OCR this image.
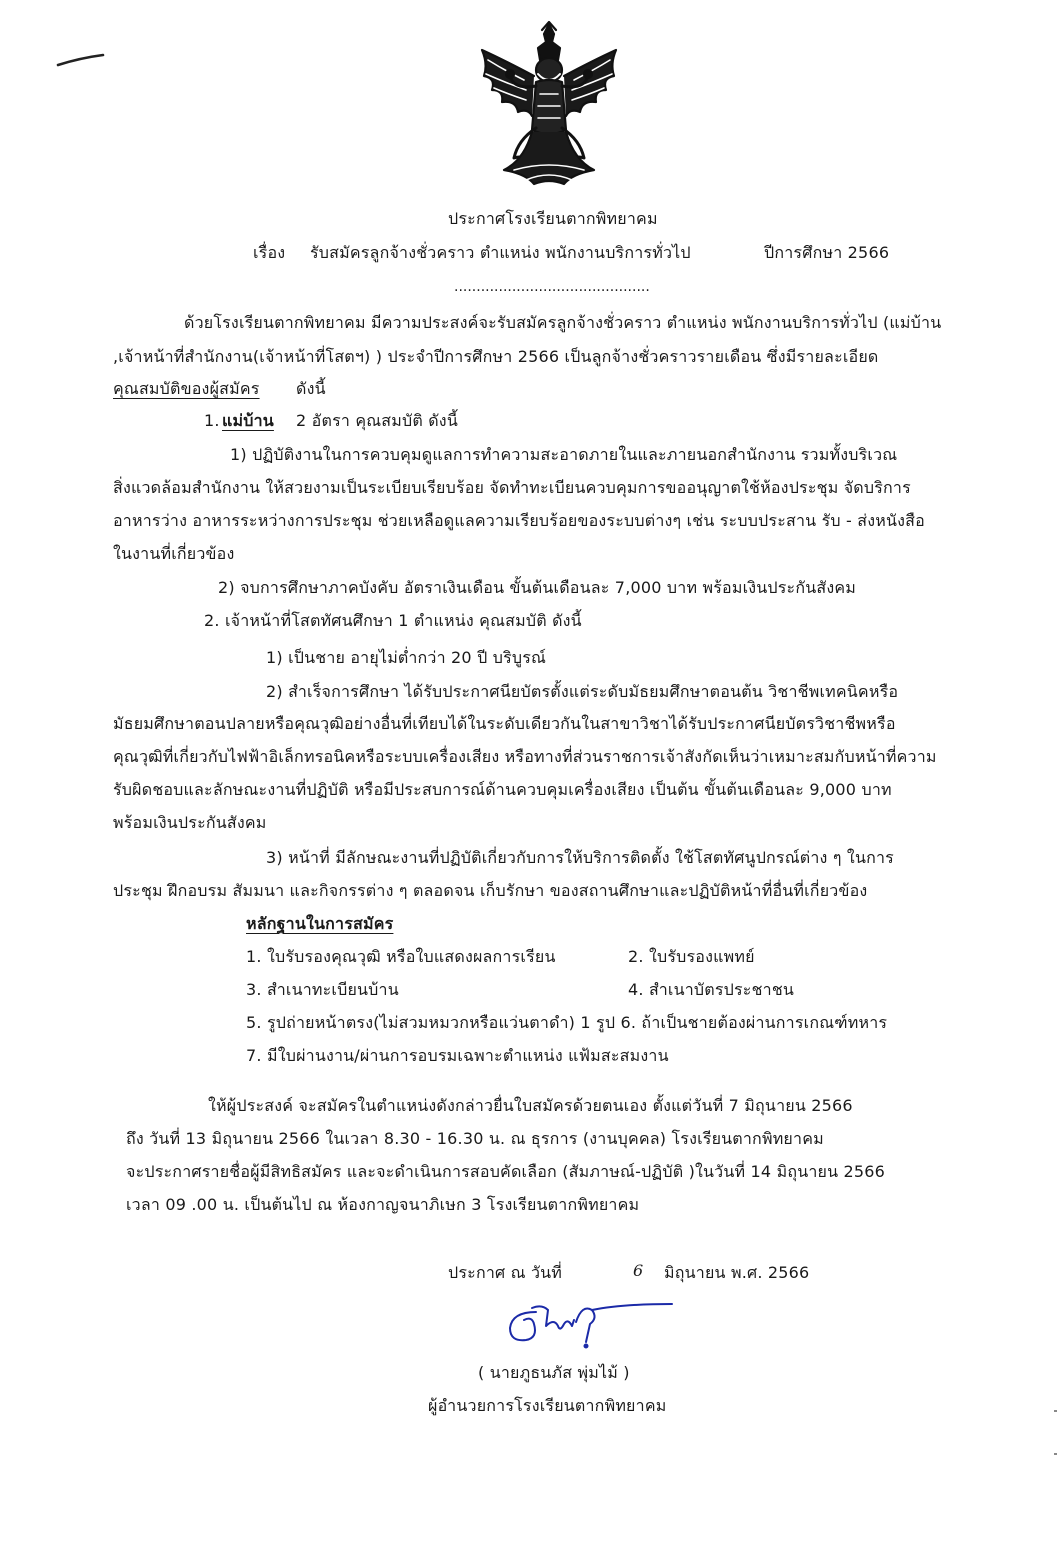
ประกาศโรงเรียนตากพิทยาคม
เรื่อง รับสมัครลูกจ้างชั่วคราว ตำแหน่ง พนักงานบริการทั่วไป	ปีการศึกษา 2566
............................................
ด้วยโรงเรียนตากพิทยาคม มีความประสงค์จะรับสมัครลูกจ้างชั่วคราว ตำแหน่ง พนักงานบริการทั่วไป (แม่บ้าน
,เจ้าหน้าที่สำนักงาน(เจ้าหน้าที่โสตฯ) ) ประจำปีการศึกษา 2566 เป็นลูกจ้างชั่วคราวรายเดือน ซึ่งมีรายละเอียด
คุณสมบัติของผู้สมัคร ดังนี้
1. แม่บ้าน 2 อัตรา คุณสมบัติ ดังนี้
1) ปฏิบัติงานในการควบคุมดูแลการทำความสะอาดภายในและภายนอกสำนักงาน รวมทั้งบริเวณ
สิ่งแวดล้อมสำนักงาน ให้สวยงามเป็นระเบียบเรียบร้อย จัดทำทะเบียนควบคุมการขออนุญาตใช้ห้องประชุม จัดบริการ
อาหารว่าง อาหารระหว่างการประชุม ช่วยเหลือดูแลความเรียบร้อยของระบบต่างๆ เช่น ระบบประสาน รับ - ส่งหนังสือ
ในงานที่เกี่ยวข้อง
2) จบการศึกษาภาคบังคับ อัตราเงินเดือน ขั้นต้นเดือนละ 7,000 บาท พร้อมเงินประกันสังคม
2. เจ้าหน้าที่โสตทัศนศึกษา 1 ตำแหน่ง คุณสมบัติ ดังนี้
1) เป็นชาย อายุไม่ต่ำกว่า 20 ปี บริบูรณ์
2) สำเร็จการศึกษา ได้รับประกาศนียบัตรตั้งแต่ระดับมัธยมศึกษาตอนต้น วิชาชีพเทคนิคหรือ
มัธยมศึกษาตอนปลายหรือคุณวุฒิอย่างอื่นที่เทียบได้ในระดับเดียวกันในสาขาวิชาได้รับประกาศนียบัตรวิชาชีพหรือ
คุณวุฒิที่เกี่ยวกับไฟฟ้าอิเล็กทรอนิคหรือระบบเครื่องเสียง หรือทางที่ส่วนราชการเจ้าสังกัดเห็นว่าเหมาะสมกับหน้าที่ความ
รับผิดชอบและลักษณะงานที่ปฏิบัติ หรือมีประสบการณ์ด้านควบคุมเครื่องเสียง เป็นต้น ขั้นต้นเดือนละ 9,000 บาท
พร้อมเงินประกันสังคม
3) หน้าที่ มีลักษณะงานที่ปฏิบัติเกี่ยวกับการให้บริการติดตั้ง ใช้โสตทัศนูปกรณ์ต่าง ๆ ในการ
ประชุม ฝึกอบรม สัมมนา และกิจกรรต่าง ๆ ตลอดจน เก็บรักษา ของสถานศึกษาและปฏิบัติหน้าที่อื่นที่เกี่ยวข้อง
หลักฐานในการสมัคร
1. ใบรับรองคุณวุฒิ หรือใบแสดงผลการเรียน	2. ใบรับรองแพทย์
3. สำเนาทะเบียนบ้าน	4. สำเนาบัตรประชาชน
5. รูปถ่ายหน้าตรง(ไม่สวมหมวกหรือแว่นตาดำ) 1 รูป 6. ถ้าเป็นชายต้องผ่านการเกณฑ์ทหาร
7. มีใบผ่านงาน/ผ่านการอบรมเฉพาะตำแหน่ง แฟ้มสะสมงาน
ให้ผู้ประสงค์ จะสมัครในตำแหน่งดังกล่าวยื่นใบสมัครด้วยตนเอง ตั้งแต่วันที่ 7 มิถุนายน 2566
ถึง วันที่ 13 มิถุนายน 2566 ในเวลา 8.30 - 16.30 น. ณ ธุรการ (งานบุคคล) โรงเรียนตากพิทยาคม
จะประกาศรายชื่อผู้มีสิทธิสมัคร และจะดำเนินการสอบคัดเลือก (สัมภาษณ์-ปฏิบัติ )ในวันที่ 14 มิถุนายน 2566
เวลา 09 .00 น. เป็นต้นไป ณ ห้องกาญจนาภิเษก 3 โรงเรียนตากพิทยาคม
ประกาศ ณ วันที่	6 มิถุนายน พ.ศ. 2566
( นายภูธนภัส พุ่มไม้ )
ผู้อำนวยการโรงเรียนตากพิทยาคม
